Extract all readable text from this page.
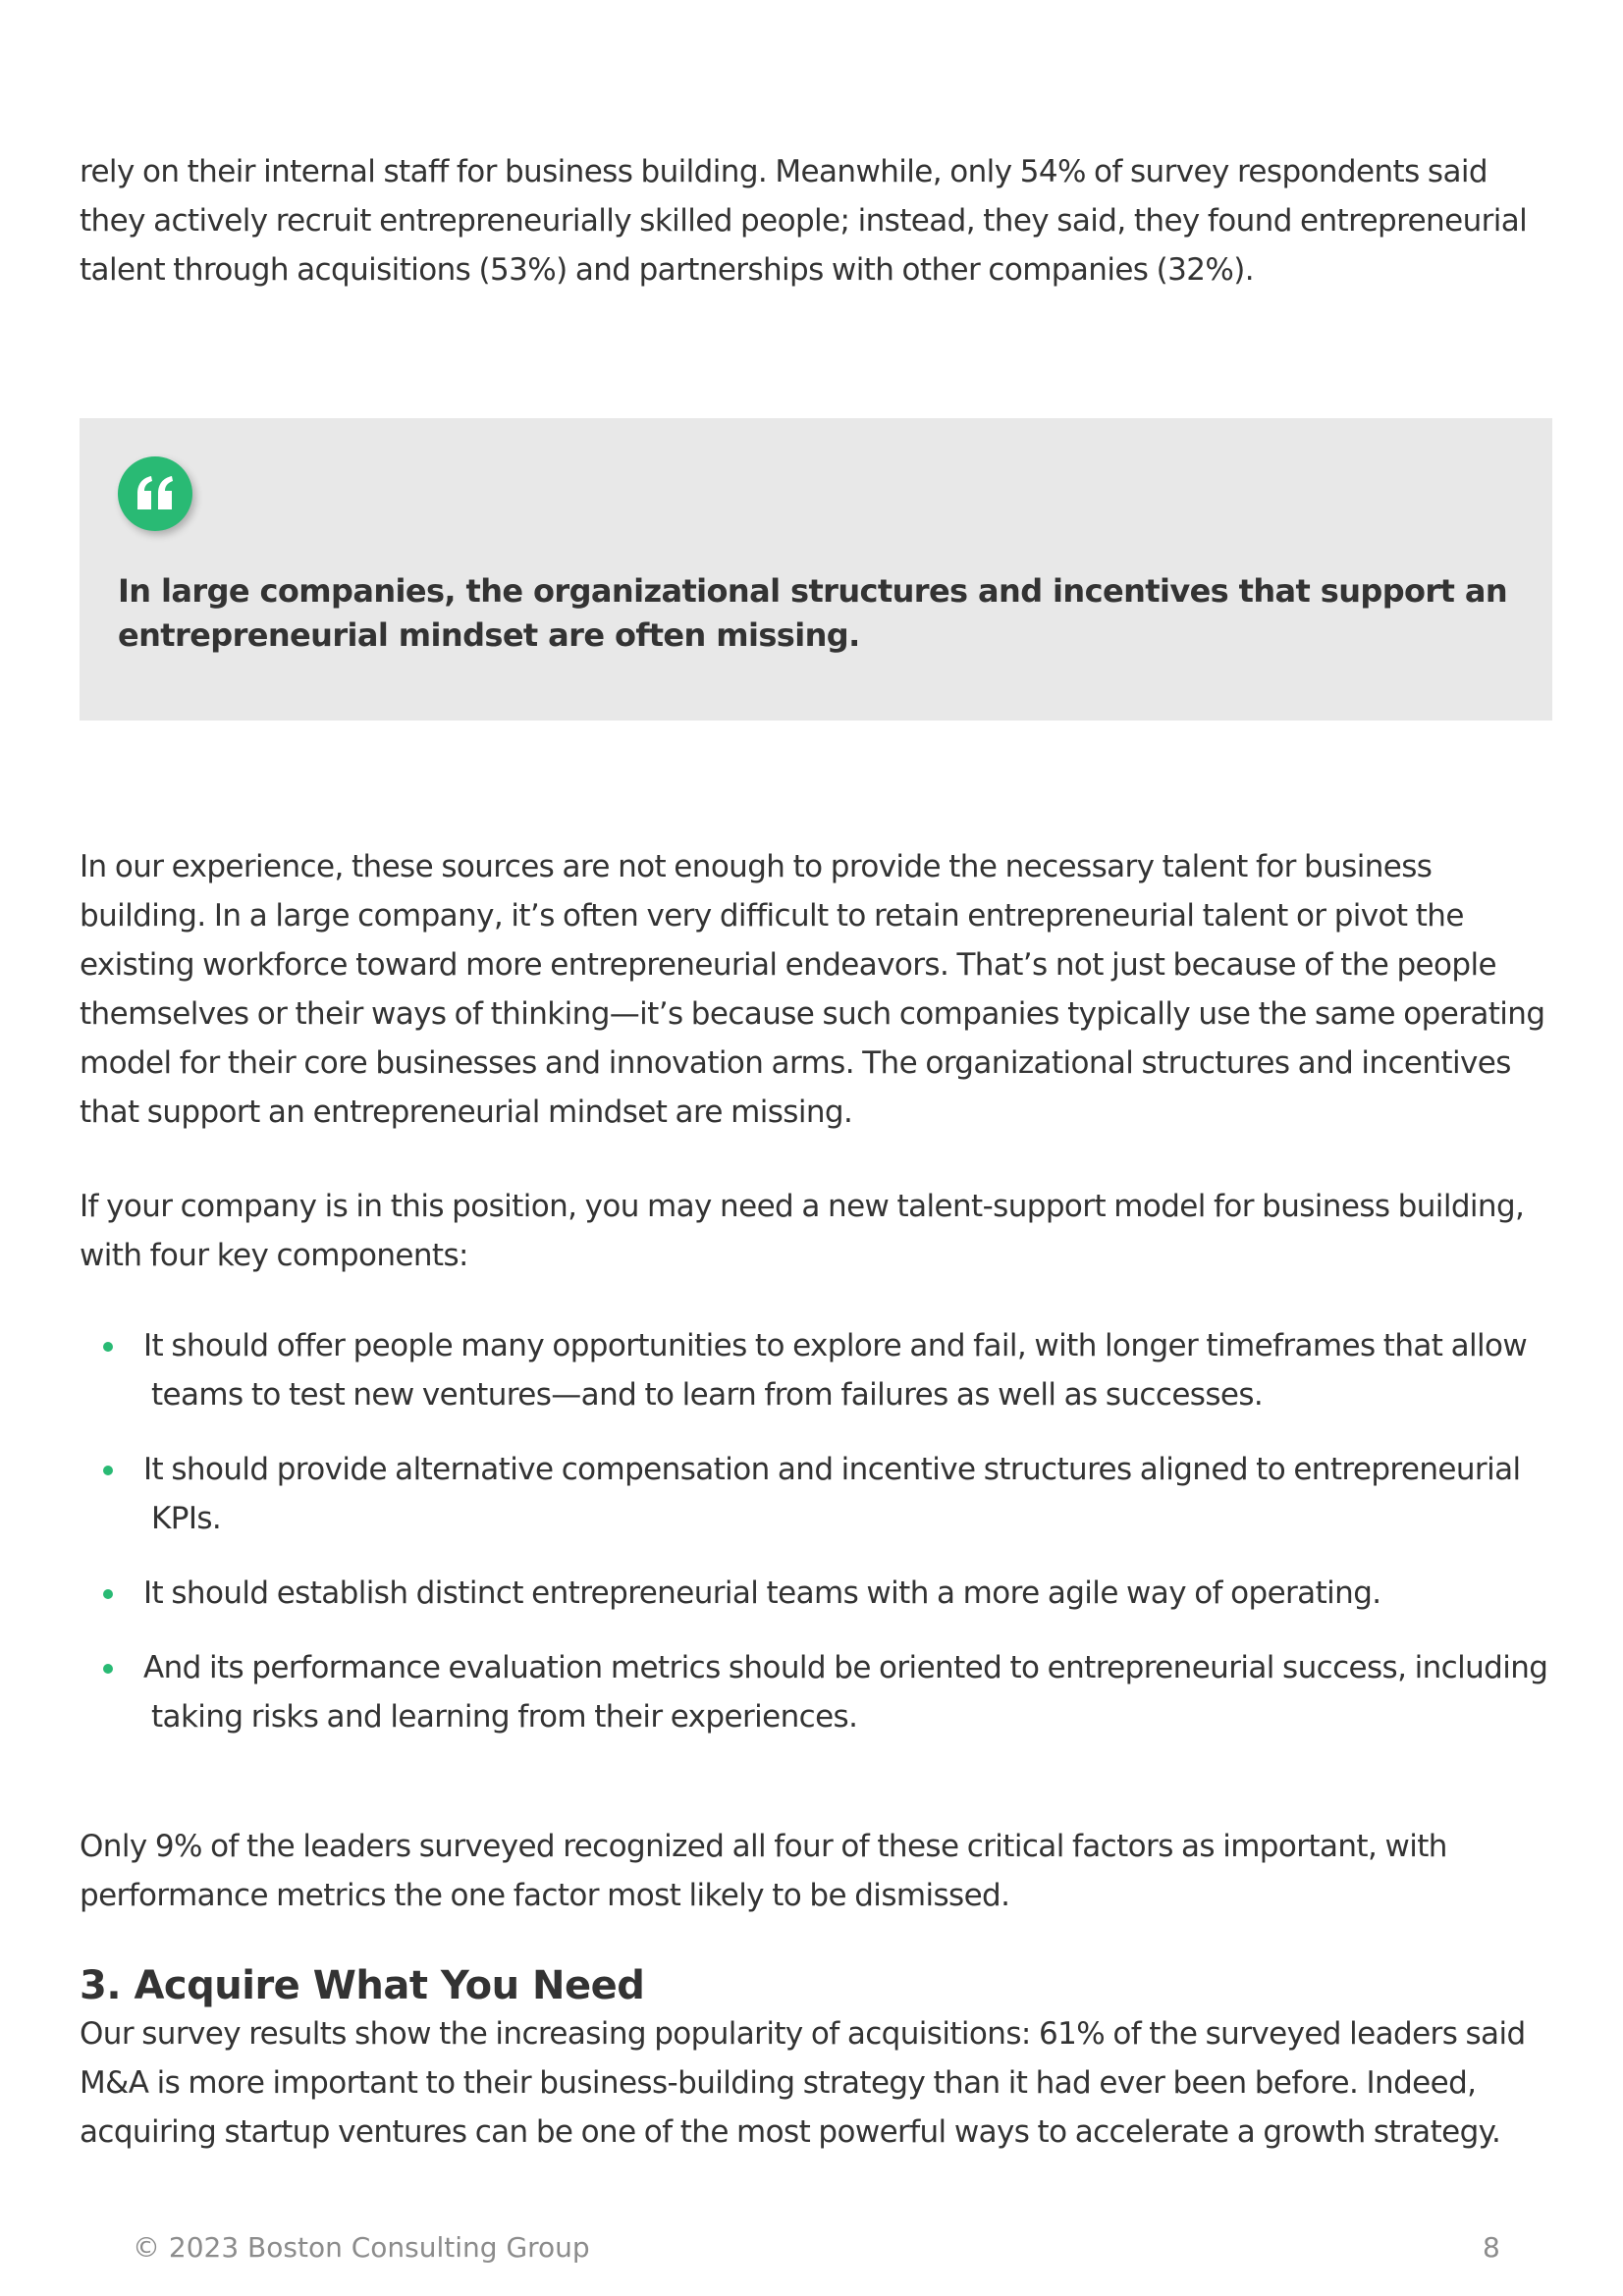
rely on their internal staff for business building. Meanwhile, only 54% of survey respondents said they actively recruit entrepreneurially skilled people; instead, they said, they found entrepreneurial talent through acquisitions (53%) and partnerships with other companies (32%).

In large companies, the organizational structures and incentives that support an entrepreneurial mindset are often missing.

In our experience, these sources are not enough to provide the necessary talent for business building. In a large company, it’s often very difficult to retain entrepreneurial talent or pivot the existing workforce toward more entrepreneurial endeavors. That’s not just because of the people themselves or their ways of thinking—it’s because such companies typically use the same operating model for their core businesses and innovation arms. The organizational structures and incentives that support an entrepreneurial mindset are missing.

If your company is in this position, you may need a new talent-support model for business building, with four key components:

It should offer people many opportunities to explore and fail, with longer timeframes that allow
teams to test new ventures—and to learn from failures as well as successes.
It should provide alternative compensation and incentive structures aligned to entrepreneurial
KPIs.
It should establish distinct entrepreneurial teams with a more agile way of operating.
And its performance evaluation metrics should be oriented to entrepreneurial success, including
taking risks and learning from their experiences.

Only 9% of the leaders surveyed recognized all four of these critical factors as important, with performance metrics the one factor most likely to be dismissed.

3. Acquire What You Need

Our survey results show the increasing popularity of acquisitions: 61% of the surveyed leaders said M&A is more important to their business-building strategy than it had ever been before. Indeed, acquiring startup ventures can be one of the most powerful ways to accelerate a growth strategy.

© 2023 Boston Consulting Group	8
